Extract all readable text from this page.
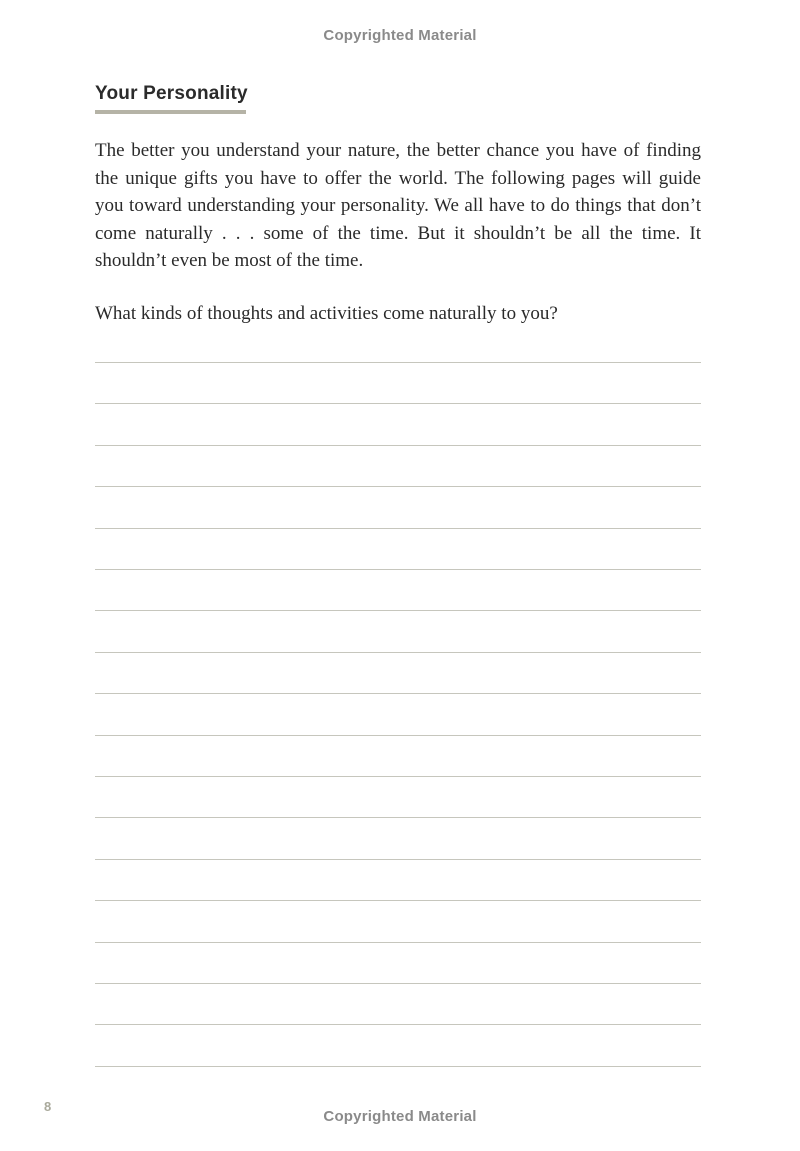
Copyrighted Material
Your Personality

The better you understand your nature, the better chance you have of finding the unique gifts you have to offer the world. The following pages will guide you toward understanding your personality. We all have to do things that don’t come naturally . . . some of the time. But it shouldn’t be all the time. It shouldn’t even be most of the time.

What kinds of thoughts and activities come naturally to you?

8
Copyrighted Material
